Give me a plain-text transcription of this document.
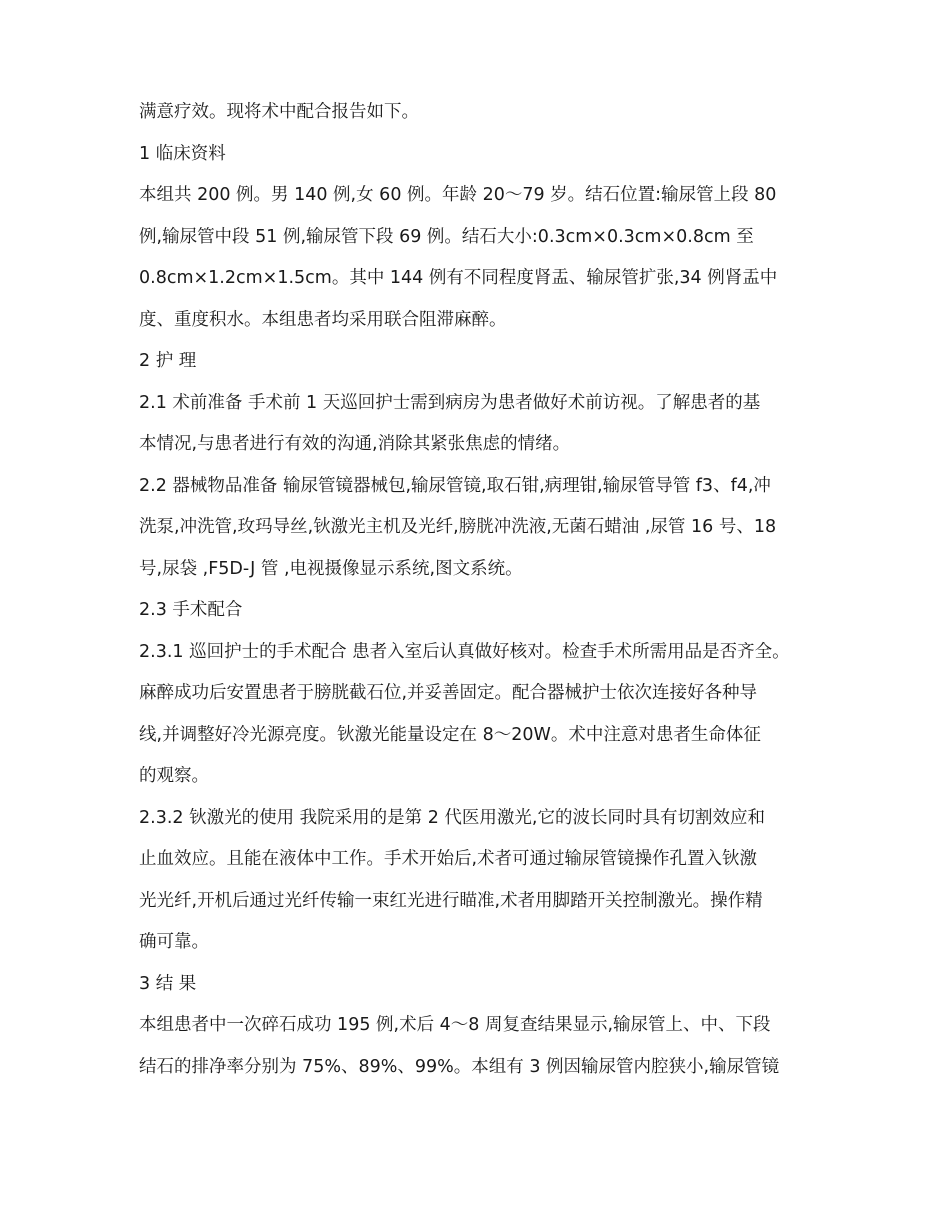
满意疗效。现将术中配合报告如下。
1 临床资料
本组共 200 例。男 140 例,女 60 例。年龄 20～79 岁。结石位置:输尿管上段 80
例,输尿管中段 51 例,输尿管下段 69 例。结石大小:0.3cm×0.3cm×0.8cm 至
0.8cm×1.2cm×1.5cm。其中 144 例有不同程度肾盂、输尿管扩张,34 例肾盂中
度、重度积水。本组患者均采用联合阻滞麻醉。
2 护 理
2.1 术前准备 手术前 1 天巡回护士需到病房为患者做好术前访视。了解患者的基
本情况,与患者进行有效的沟通,消除其紧张焦虑的情绪。
2.2 器械物品准备 输尿管镜器械包,输尿管镜,取石钳,病理钳,输尿管导管 f3、f4,冲
洗泵,冲洗管,玫玛导丝,钬激光主机及光纤,膀胱冲洗液,无菌石蜡油 ,尿管 16 号、18
号,尿袋 ,F5D-J 管 ,电视摄像显示系统,图文系统。
2.3 手术配合
2.3.1 巡回护士的手术配合 患者入室后认真做好核对。检查手术所需用品是否齐全。
麻醉成功后安置患者于膀胱截石位,并妥善固定。配合器械护士依次连接好各种导
线,并调整好冷光源亮度。钬激光能量设定在 8～20W。术中注意对患者生命体征
的观察。
2.3.2 钬激光的使用 我院采用的是第 2 代医用激光,它的波长同时具有切割效应和
止血效应。且能在液体中工作。手术开始后,术者可通过输尿管镜操作孔置入钬激
光光纤,开机后通过光纤传输一束红光进行瞄准,术者用脚踏开关控制激光。操作精
确可靠。
3 结 果
本组患者中一次碎石成功 195 例,术后 4～8 周复查结果显示,输尿管上、中、下段
结石的排净率分别为 75%、89%、99%。本组有 3 例因输尿管内腔狭小,输尿管镜
